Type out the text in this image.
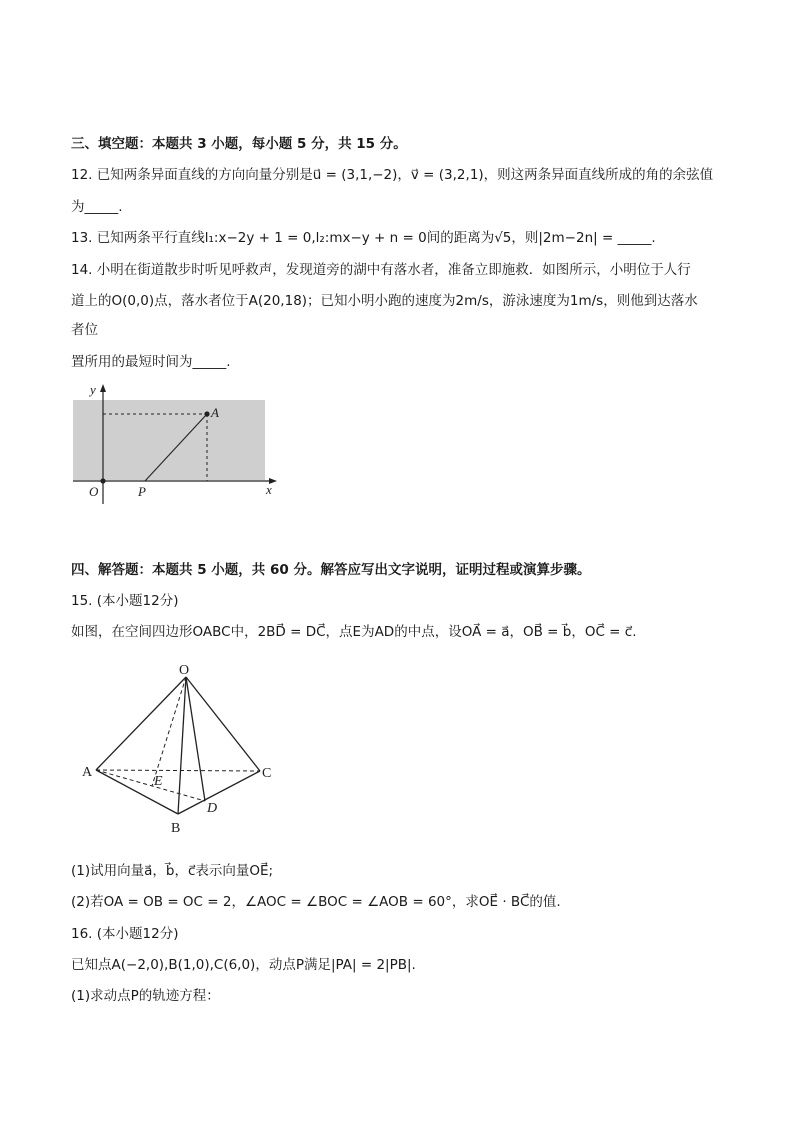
三、填空题：本题共 3 小题，每小题 5 分，共 15 分。
12. 已知两条异面直线的方向向量分别是u⃗ = (3,1,−2)，v⃗ = (3,2,1)，则这两条异面直线所成的角的余弦值
为_____.
13. 已知两条平行直线l₁:x−2y + 1 = 0,l₂:mx−y + n = 0间的距离为√5，则|2m−2n| = _____.
14. 小明在街道散步时听见呼救声，发现道旁的湖中有落水者，准备立即施救．如图所示，小明位于人行
道上的O(0,0)点，落水者位于A(20,18)；已知小明小跑的速度为2m/s，游泳速度为1m/s，则他到达落水
者位
置所用的最短时间为_____.
y
A
O	P	x
四、解答题：本题共 5 小题，共 60 分。解答应写出文字说明，证明过程或演算步骤。
15. (本小题12分)
如图，在空间四边形OABC中，2BD⃗ = DC⃗，点E为AD的中点，设OA⃗ = a⃗，OB⃗ = b⃗，OC⃗ = c⃗.
O
A	C
E
D
B
(1)试用向量a⃗，b⃗，c⃗表示向量OE⃗;
(2)若OA = OB = OC = 2，∠AOC = ∠BOC = ∠AOB = 60°，求OE⃗ · BC⃗的值.
16. (本小题12分)
已知点A(−2,0),B(1,0),C(6,0)，动点P满足|PA| = 2|PB|.
(1)求动点P的轨迹方程：
